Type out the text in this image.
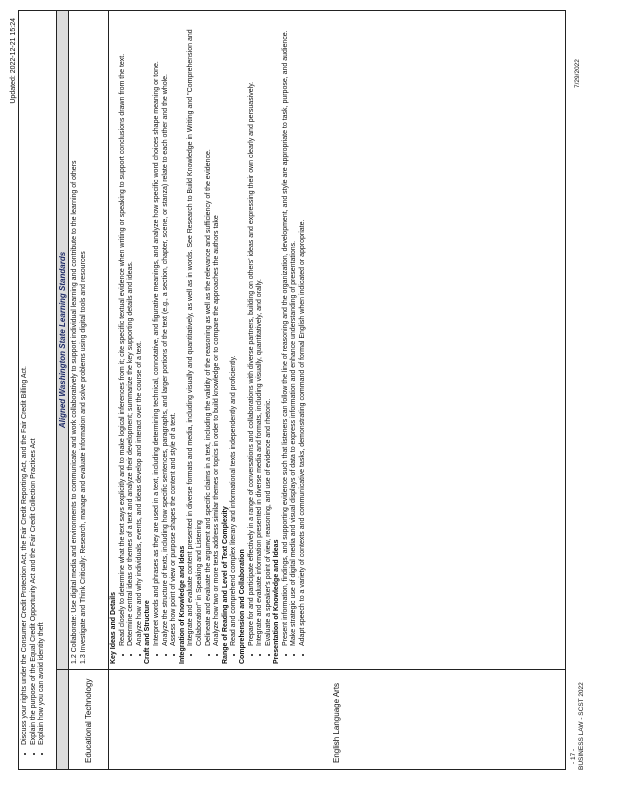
Updated: 2022-12-21 15:24
• Discuss your rights under the Consumer Credit Protection Act, the Fair Credit Reporting Act, and the Fair Credit Billing Act. • Explain the purpose of the Equal Credit Opportunity Act and the Fair Credit Collection Practices Act • Explain how you can avoid identity theft
Aligned Washington State Learning Standards
Educational Technology
1.2 Collaborate: Use digital media and environments to communicate and work collaboratively to support individual learning and contribute to the learning of others 1.3 Investigate and Think Critically: Research, manage and evaluate information and solve problems using digital tools and resources
English Language Arts
Key Ideas and Details • Read closely to determine what the text says explicitly and to make logical inferences from it; cite specific textual evidence when writing or speaking to support conclusions drawn from the text. • Determine central ideas or themes of a text and analyze their development; summarize the key supporting details and ideas. • Analyze how and why individuals, events, and ideas develop and interact over the course of a text. Craft and Structure • Interpret words and phrases as they are used in a text, including determining technical, connotative, and figurative meanings, and analyze how specific word choices shape meaning or tone. • Analyze the structure of texts, including how specific sentences, paragraphs, and larger portions of the text (e.g., a section, chapter, scene, or stanza) relate to each other and the whole. • Assess how point of view or purpose shapes the content and style of a text. Integration of Knowledge and Ideas • Integrate and evaluate content presented in diverse formats and media, including visually and quantitatively, as well as in words. See Research to Build Knowledge in Writing and "Comprehension and Collaboration" in Speaking and Listening • Delineate and evaluate the argument and specific claims in a text, including the validity of the reasoning as well as the relevance and sufficiency of the evidence. • Analyze how two or more texts address similar themes or topics in order to build knowledge or to compare the approaches the authors take Range of Reading and Level of Text Complexity • Read and comprehend complex literary and informational texts independently and proficiently. Comprehension and Collaboration • Prepare for and participate effectively in a range of conversations and collaborations with diverse partners, building on others' ideas and expressing their own clearly and persuasively. • Integrate and evaluate information presented in diverse media and formats, including visually, quantitatively, and orally. • Evaluate a speaker's point of view, reasoning, and use of evidence and rhetoric. Presentation of Knowledge and Ideas • Present information, findings, and supporting evidence such that listeners can follow the line of reasoning and the organization, development, and style are appropriate to task, purpose, and audience. • Make strategic use of digital media and visual displays of data to express information and enhance understanding of presentations. • Adapt speech to a variety of contexts and communicative tasks, demonstrating command of formal English when indicated or appropriate.
- 17 - BUSINESS LAW - SCST 2022
7/29/2022
